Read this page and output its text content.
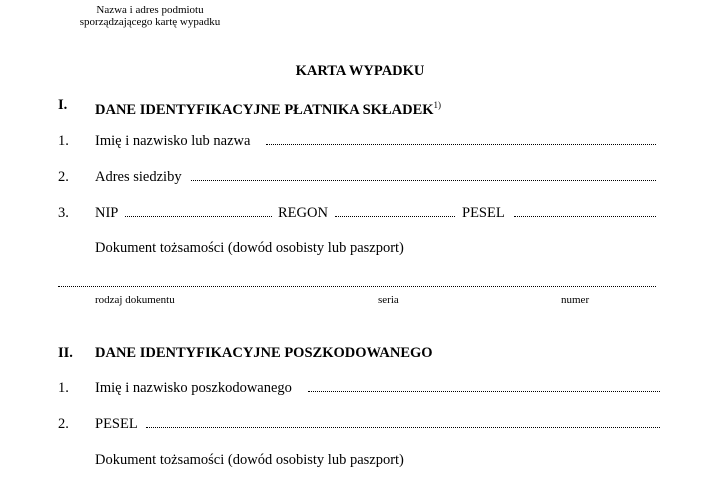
Nazwa i adres podmiotu
sporządzającego kartę wypadku
KARTA WYPADKU
I. DANE IDENTYFIKACYJNE PŁATNIKA SKŁADEK$^{1)}$
1. Imię i nazwisko lub nazwa
2. Adres siedziby
3. NIP	REGON	PESEL
Dokument tożsamości (dowód osobisty lub paszport)
rodzaj dokumentu	seria	numer
II. DANE IDENTYFIKACYJNE POSZKODOWANEGO
1. Imię i nazwisko poszkodowanego
2. PESEL
Dokument tożsamości (dowód osobisty lub paszport)
